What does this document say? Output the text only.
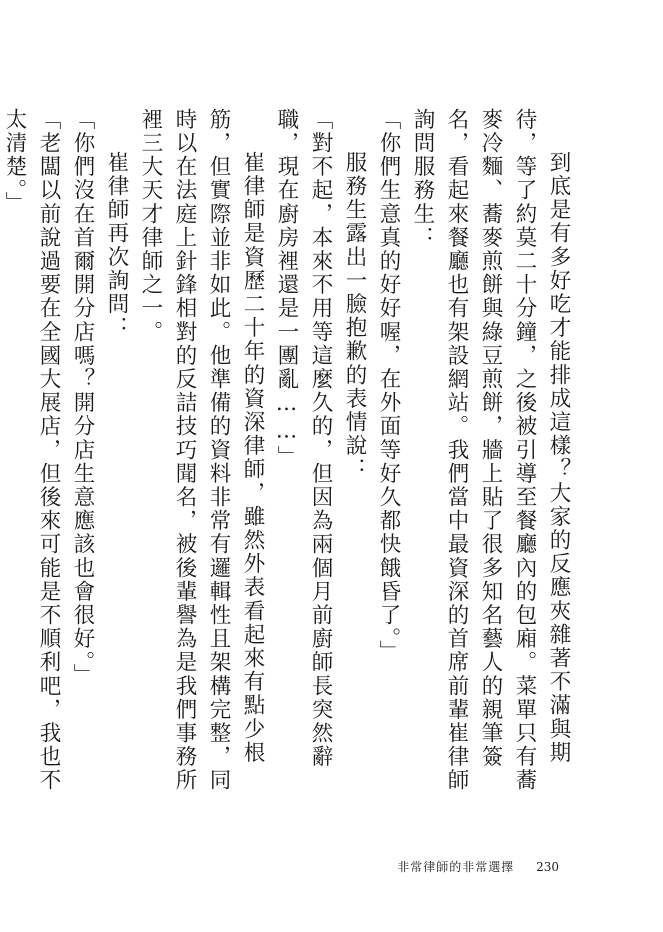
到底是有多好吃才能排成這樣？大家的反應夾雜著不滿與期待，等了約莫二十分鐘，之後被引導至餐廳內的包廂。菜單只有蕎麥冷麵、蕎麥煎餅與綠豆煎餅，牆上貼了很多知名藝人的親筆簽名，看起來餐廳也有架設網站。我們當中最資深的首席前輩崔律師詢問服務生：

「你們生意真的好好喔，在外面等好久都快餓昏了。」

服務生露出一臉抱歉的表情說：

「對不起，本來不用等這麼久的，但因為兩個月前廚師長突然辭職，現在廚房裡還是一團亂……」

崔律師是資歷二十年的資深律師，雖然外表看起來有點少根筋，但實際並非如此。他準備的資料非常有邏輯性且架構完整，同時以在法庭上針鋒相對的反詰技巧聞名，被後輩譽為是我們事務所裡三大天才律師之一。

崔律師再次詢問：

「你們沒在首爾開分店嗎？開分店生意應該也會很好。」

「老闆以前說過要在全國大展店，但後來可能是不順利吧，我也不太清楚。」

非常律師的非常選擇 230
